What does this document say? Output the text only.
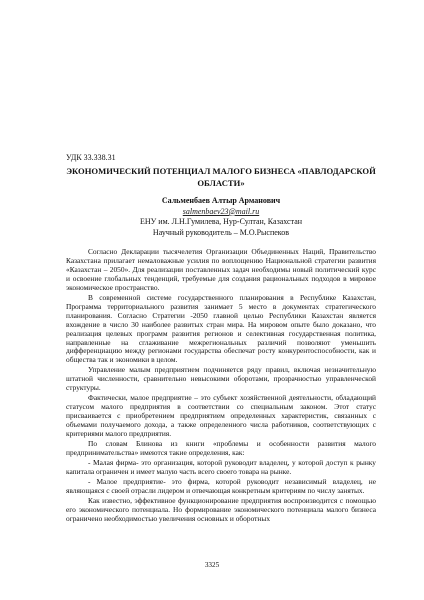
УДК 33.338.31
ЭКОНОМИЧЕСКИЙ ПОТЕНЦИАЛ МАЛОГО БИЗНЕСА «ПАВЛОДАРСКОЙ ОБЛАСТИ»
Сальменбаев Алтыр Арманович
salmenbaev23@mail.ru
ЕНУ им. Л.Н.Гумилева, Нур-Султан, Казахстан
Научный руководитель – М.О.Рыспеков

Согласно Декларации тысячелетия Организации Объединенных Наций, Правительство Казахстана прилагает немаловажные усилия по воплощению Национальной стратегии развития «Казахстан – 2050». Для реализации поставленных задач необходимы новый политический курс и освоение глобальных тенденций, требуемые для создания рациональных подходов в мировое экономическое пространство.

В современной системе государственного планирования в Республике Казахстан, Программа территориального развития занимает 5 место в документах стратегического планирования. Согласно Стратегии -2050 главной целью Республики Казахстан является вхождение в число 30 наиболее развитых стран мира. На мировом опыте было доказано, что реализация целевых программ развития регионов и селективная государственная политика, направленные на сглаживание межрегиональных различий позволяют уменьшить дифференциацию между регионами государства обеспечат росту конкурентоспособности, как и общества так и экономики в целом.

Управление малым предприятием подчиняется ряду правил, включая незначительную штатной численности, сравнительно невысокими оборотами, прозрачностью управленческой структуры.

Фактически, малое предприятие – это субъект хозяйственной деятельности, обладающий статусом малого предприятия в соответствии со специальным законом. Этот статус присваивается с приобретением предприятием определенных характеристик, связанных с объемами получаемого дохода, а также определенного числа работников, соответствующих с критериями малого предприятия.

По словам Блинова из книги «проблемы и особенности развития малого предпринимательства» имеются такие определения, как:

- Малая фирма- это организация, которой руководит владелец, у которой доступ к рынку капитала ограничен и имеет малую часть всего своего товара на рынке.

- Малое предприятие- это фирма, которой руководит независимый владелец, не являющаяся с своей отрасли лидером и отвечающая конкретным критериям по числу занятых.

Как известно, эффективное функционирование предприятия воспроизводится с помощью его экономического потенциала. Но формирование экономического потенциала малого бизнеса ограничено необходимостью увеличения основных и оборотных

3325
